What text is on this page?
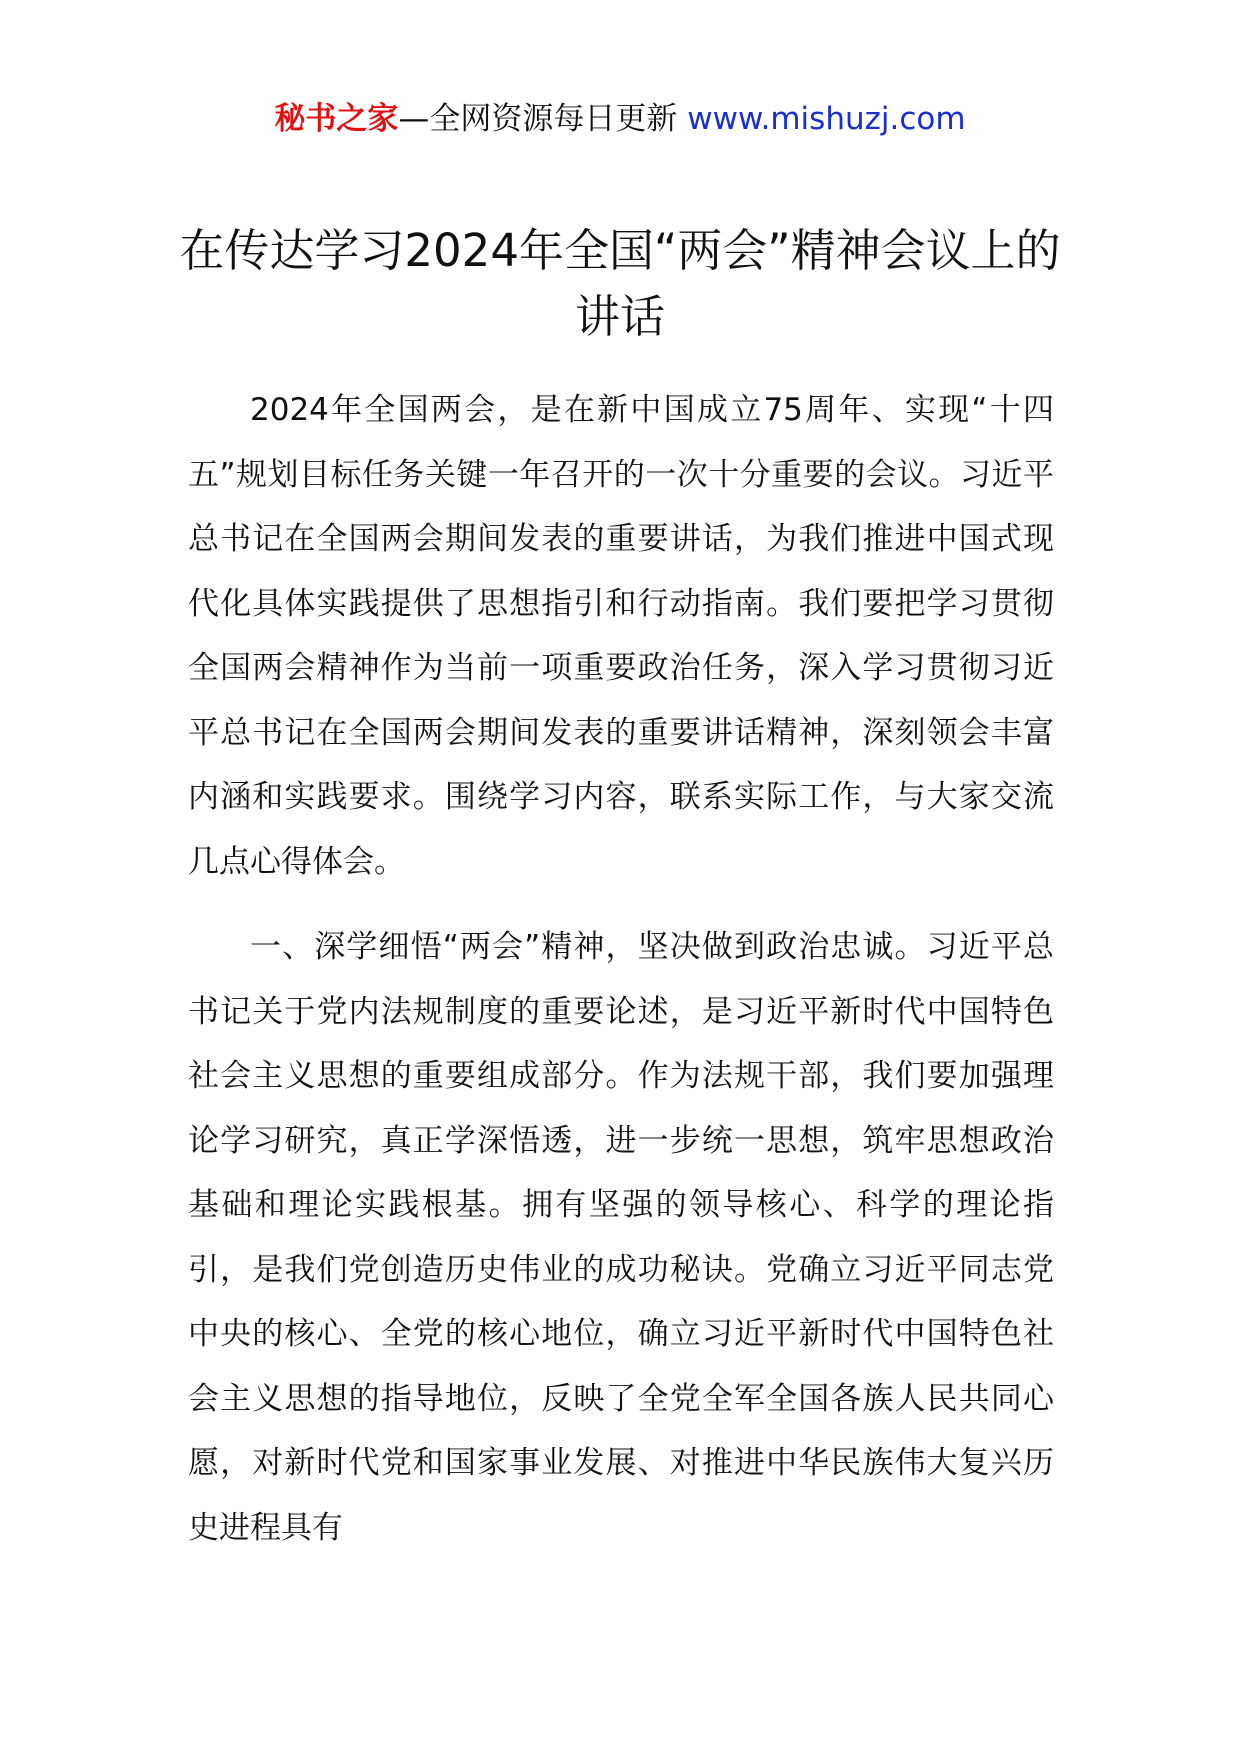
秘书之家—全网资源每日更新 www.mishuzj.com
在传达学习2024年全国“两会”精神会议上的讲话

2024年全国两会，是在新中国成立75周年、实现“十四五”规划目标任务关键一年召开的一次十分重要的会议。习近平总书记在全国两会期间发表的重要讲话，为我们推进中国式现代化具体实践提供了思想指引和行动指南。我们要把学习贯彻全国两会精神作为当前一项重要政治任务，深入学习贯彻习近平总书记在全国两会期间发表的重要讲话精神，深刻领会丰富内涵和实践要求。围绕学习内容，联系实际工作，与大家交流几点心得体会。

一、深学细悟“两会”精神，坚决做到政治忠诚。习近平总书记关于党内法规制度的重要论述，是习近平新时代中国特色社会主义思想的重要组成部分。作为法规干部，我们要加强理论学习研究，真正学深悟透，进一步统一思想，筑牢思想政治基础和理论实践根基。拥有坚强的领导核心、科学的理论指引，是我们党创造历史伟业的成功秘诀。党确立习近平同志党中央的核心、全党的核心地位，确立习近平新时代中国特色社会主义思想的指导地位，反映了全党全军全国各族人民共同心愿，对新时代党和国家事业发展、对推进中华民族伟大复兴历史进程具有
